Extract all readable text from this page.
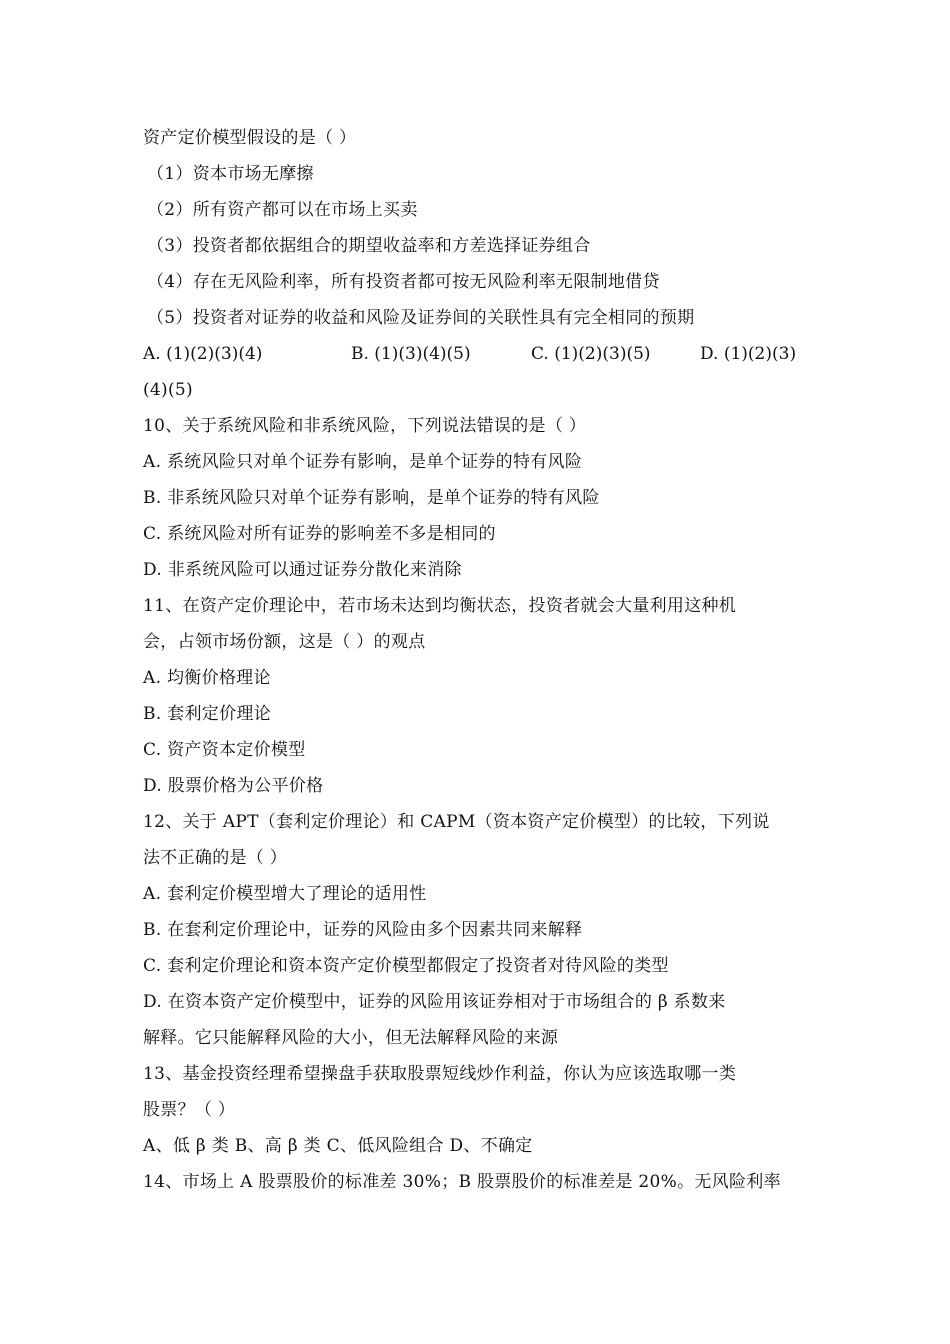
资产定价模型假设的是（ ）
（1）资本市场无摩擦
（2）所有资产都可以在市场上买卖
（3）投资者都依据组合的期望收益率和方差选择证券组合
（4）存在无风险利率，所有投资者都可按无风险利率无限制地借贷
（5）投资者对证券的收益和风险及证券间的关联性具有完全相同的预期
A. (1)(2)(3)(4)	B. (1)(3)(4)(5)	C. (1)(2)(3)(5)	D. (1)(2)(3)
(4)(5)
10、关于系统风险和非系统风险，下列说法错误的是（ ）
A. 系统风险只对单个证券有影响，是单个证券的特有风险
B. 非系统风险只对单个证券有影响，是单个证券的特有风险
C. 系统风险对所有证券的影响差不多是相同的
D. 非系统风险可以通过证券分散化来消除
11、在资产定价理论中，若市场未达到均衡状态，投资者就会大量利用这种机
会，占领市场份额，这是（ ）的观点
A. 均衡价格理论
B. 套利定价理论
C. 资产资本定价模型
D. 股票价格为公平价格
12、关于 APT（套利定价理论）和 CAPM（资本资产定价模型）的比较，下列说
法不正确的是（ ）
A. 套利定价模型增大了理论的适用性
B. 在套利定价理论中，证券的风险由多个因素共同来解释
C. 套利定价理论和资本资产定价模型都假定了投资者对待风险的类型
D. 在资本资产定价模型中，证券的风险用该证券相对于市场组合的 β 系数来
解释。它只能解释风险的大小，但无法解释风险的来源
13、基金投资经理希望操盘手获取股票短线炒作利益，你认为应该选取哪一类
股票？（ ）
A、低 β 类 B、高 β 类 C、低风险组合 D、不确定
14、市场上 A 股票股价的标准差 30%；B 股票股价的标准差是 20%。无风险利率
